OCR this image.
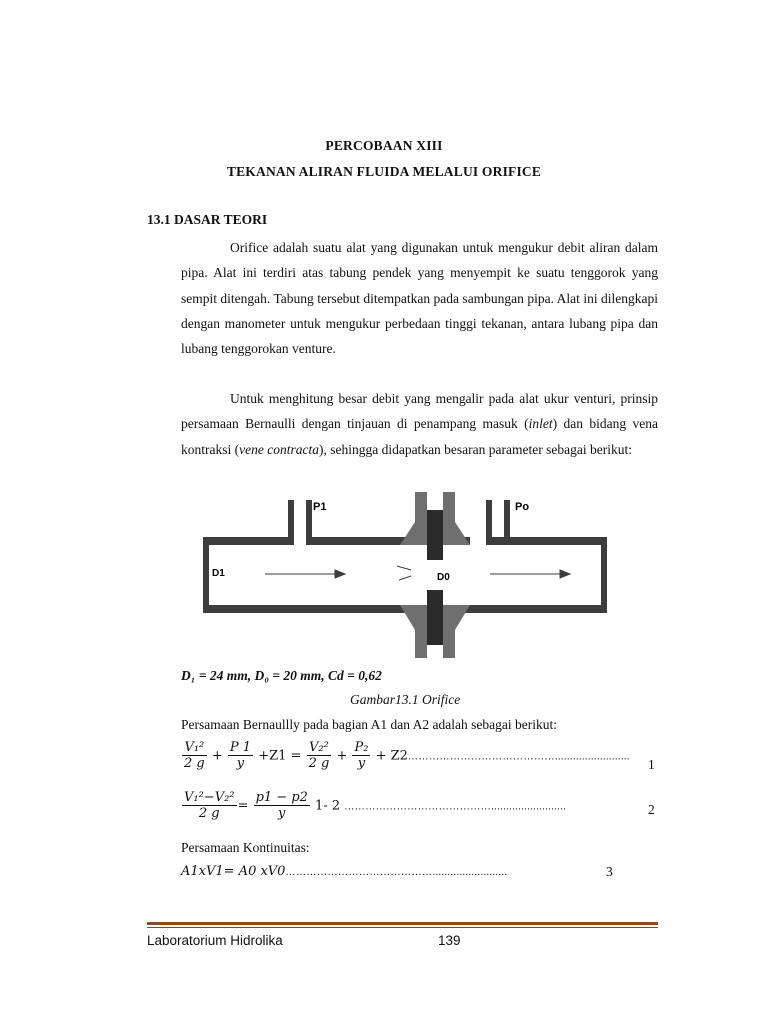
PERCOBAAN XIII
TEKANAN ALIRAN FLUIDA MELALUI ORIFICE
13.1 DASAR TEORI
Orifice adalah suatu alat yang digunakan untuk mengukur debit aliran dalam pipa. Alat ini terdiri atas tabung pendek yang menyempit ke suatu tenggorok yang sempit ditengah. Tabung tersebut ditempatkan pada sambungan pipa. Alat ini dilengkapi dengan manometer untuk mengukur perbedaan tinggi tekanan, antara lubang pipa dan lubang tenggorokan venture.
Untuk menghitung besar debit yang mengalir pada alat ukur venturi, prinsip persamaan Bernaulli dengan tinjauan di penampang masuk (inlet) dan bidang vena kontraksi (vene contracta), sehingga didapatkan besaran parameter sebagai berikut:
P1	Po
D1	D0
D₁ = 24 mm, D₀ = 20 mm, Cd = 0,62
Gambar13.1 Orifice
Persamaan Bernaullly pada bagian A1 dan A2 adalah sebagai berikut:
$\frac{\text{V₁²}}{2 g} + \frac{P 1}{y} +Z1 = \frac{\text{V₂²}}{2 g} + \frac{\text{P₂}}{y}$ + Z2…………………………………….........................	1
$\frac{\text{V₁²−V₂²}}{2 g} = \frac{p1 - p2}{y} 1-$ 2 …………………………………….........................	2
Persamaan Kontinuitas:
A1xV1= A0 xV0…………………………………….........................	3
Laboratorium Hidrolika	139
